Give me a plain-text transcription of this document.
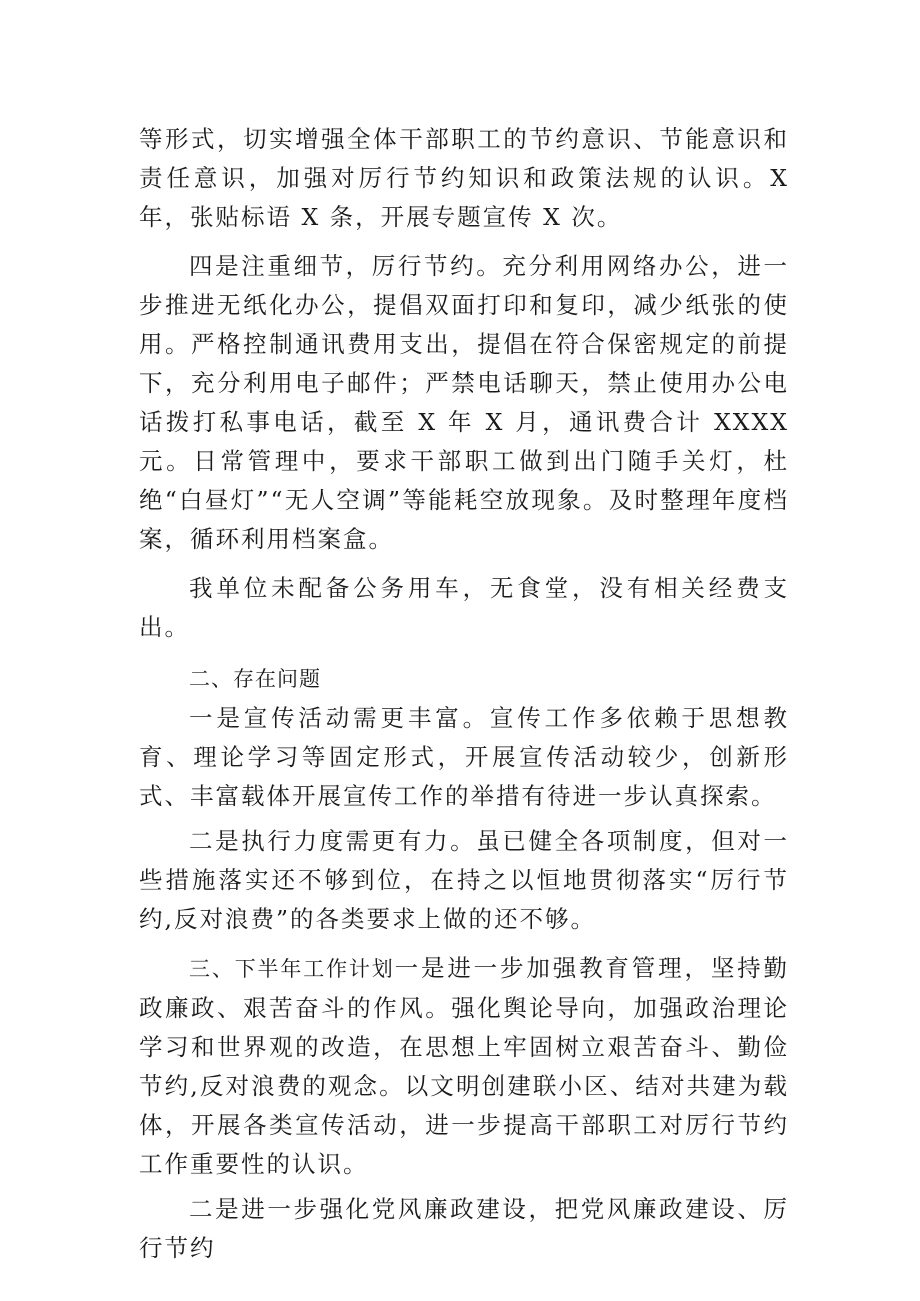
等形式，切实增强全体干部职工的节约意识、节能意识和责任意识，加强对厉行节约知识和政策法规的认识。X 年，张贴标语 X 条，开展专题宣传 X 次。

四是注重细节，厉行节约。充分利用网络办公，进一步推进无纸化办公，提倡双面打印和复印，减少纸张的使用。严格控制通讯费用支出，提倡在符合保密规定的前提下，充分利用电子邮件；严禁电话聊天，禁止使用办公电话拨打私事电话，截至 X 年 X 月，通讯费合计 XXXX 元。日常管理中，要求干部职工做到出门随手关灯，杜绝“白昼灯”“无人空调”等能耗空放现象。及时整理年度档案，循环利用档案盒。

我单位未配备公务用车，无食堂，没有相关经费支出。

二、存在问题

一是宣传活动需更丰富。宣传工作多依赖于思想教育、理论学习等固定形式，开展宣传活动较少，创新形式、丰富载体开展宣传工作的举措有待进一步认真探索。

二是执行力度需更有力。虽已健全各项制度，但对一些措施落实还不够到位，在持之以恒地贯彻落实“厉行节约,反对浪费”的各类要求上做的还不够。

三、下半年工作计划一是进一步加强教育管理，坚持勤政廉政、艰苦奋斗的作风。强化舆论导向，加强政治理论学习和世界观的改造，在思想上牢固树立艰苦奋斗、勤俭节约,反对浪费的观念。以文明创建联小区、结对共建为载体，开展各类宣传活动，进一步提高干部职工对厉行节约工作重要性的认识。

二是进一步强化党风廉政建设，把党风廉政建设、厉行节约
